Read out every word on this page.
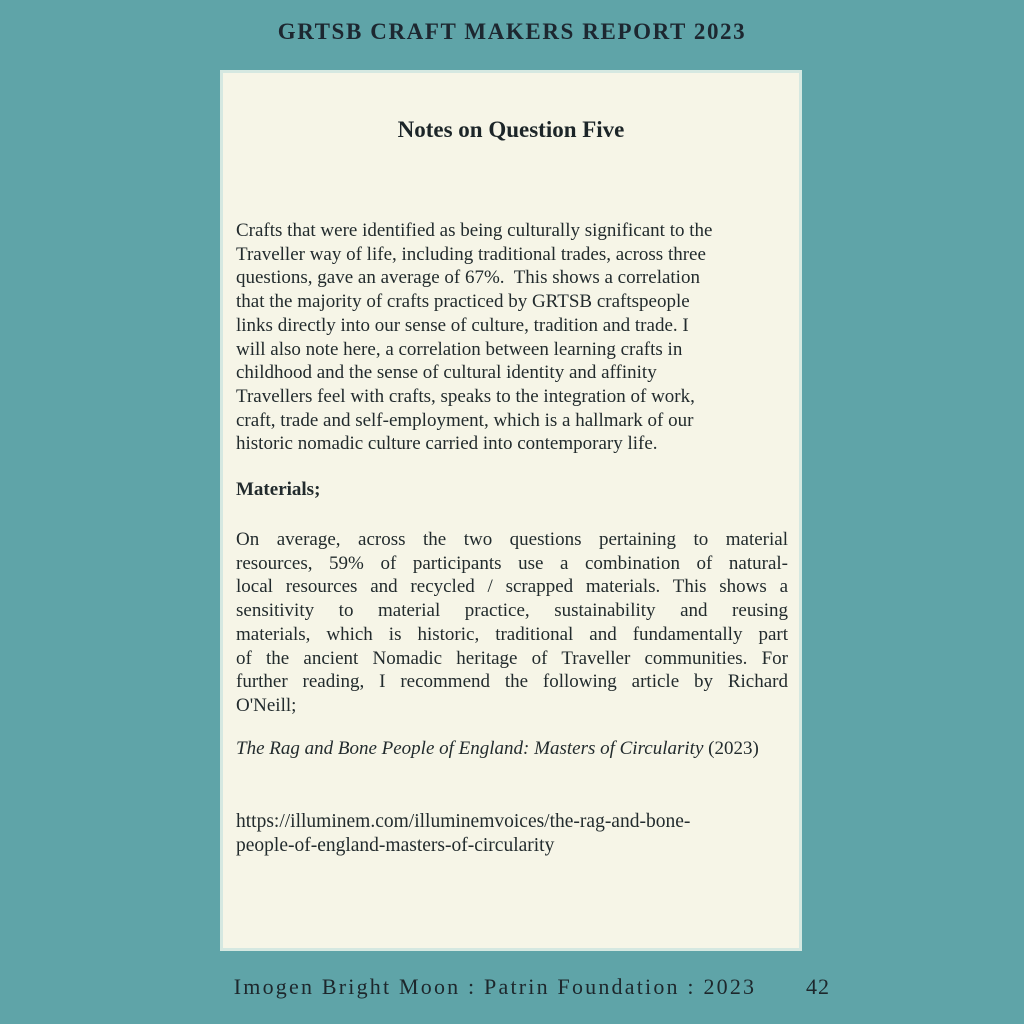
GRTSB CRAFT MAKERS REPORT 2023
Notes on Question Five
Crafts that were identified as being culturally significant to the
Traveller way of life, including traditional trades, across three
questions, gave an average of 67%.  This shows a correlation
that the majority of crafts practiced by GRTSB craftspeople
links directly into our sense of culture, tradition and trade. I
will also note here, a correlation between learning crafts in
childhood and the sense of cultural identity and affinity
Travellers feel with crafts, speaks to the integration of work,
craft, trade and self-employment, which is a hallmark of our
historic nomadic culture carried into contemporary life.
Materials;
On average, across the two questions pertaining to material
resources, 59% of participants use a combination of natural-
local resources and recycled / scrapped materials. This shows a
sensitivity to material practice, sustainability and reusing
materials, which is historic, traditional and fundamentally part
of the ancient Nomadic heritage of Traveller communities. For
further reading, I recommend the following article by Richard
O'Neill;
The Rag and Bone People of England: Masters of Circularity (2023)
https://illuminem.com/illuminemvoices/the-rag-and-bone-
people-of-england-masters-of-circularity
Imogen Bright Moon : Patrin Foundation : 2023	42
